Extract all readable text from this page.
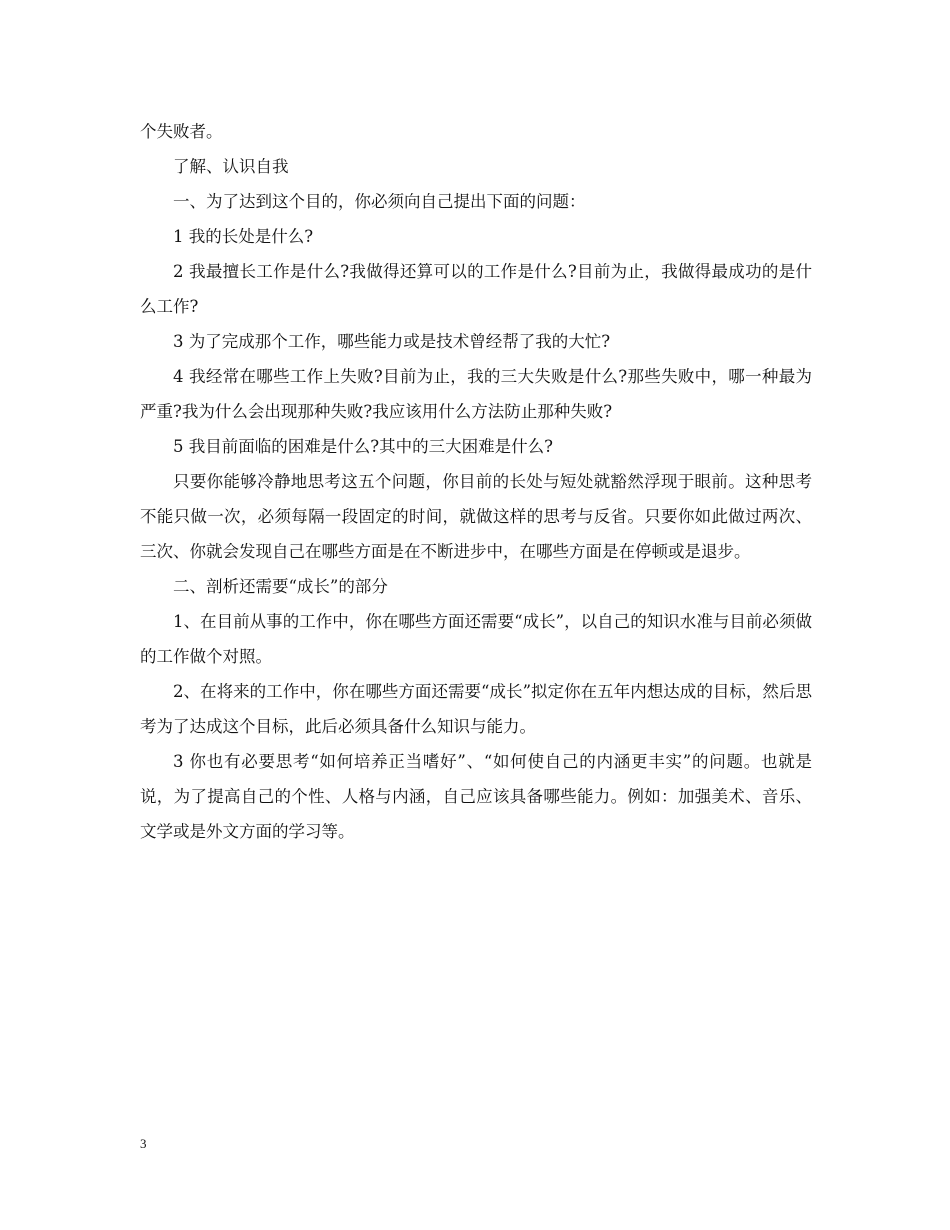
个失败者。

了解、认识自我

一、为了达到这个目的，你必须向自己提出下面的问题：

1 我的长处是什么?

2 我最擅长工作是什么?我做得还算可以的工作是什么?目前为止，我做得最成功的是什么工作?

3 为了完成那个工作，哪些能力或是技术曾经帮了我的大忙?

4 我经常在哪些工作上失败?目前为止，我的三大失败是什么?那些失败中，哪一种最为严重?我为什么会出现那种失败?我应该用什么方法防止那种失败?

5 我目前面临的困难是什么?其中的三大困难是什么?

只要你能够冷静地思考这五个问题，你目前的长处与短处就豁然浮现于眼前。这种思考不能只做一次，必须每隔一段固定的时间，就做这样的思考与反省。只要你如此做过两次、三次、你就会发现自己在哪些方面是在不断进步中，在哪些方面是在停顿或是退步。

二、剖析还需要“成长”的部分

1、在目前从事的工作中，你在哪些方面还需要“成长”，以自己的知识水准与目前必须做的工作做个对照。

2、在将来的工作中，你在哪些方面还需要“成长”拟定你在五年内想达成的目标，然后思考为了达成这个目标，此后必须具备什么知识与能力。

3 你也有必要思考“如何培养正当嗜好”、“如何使自己的内涵更丰实”的问题。也就是说，为了提高自己的个性、人格与内涵，自己应该具备哪些能力。例如：加强美术、音乐、文学或是外文方面的学习等。

3
